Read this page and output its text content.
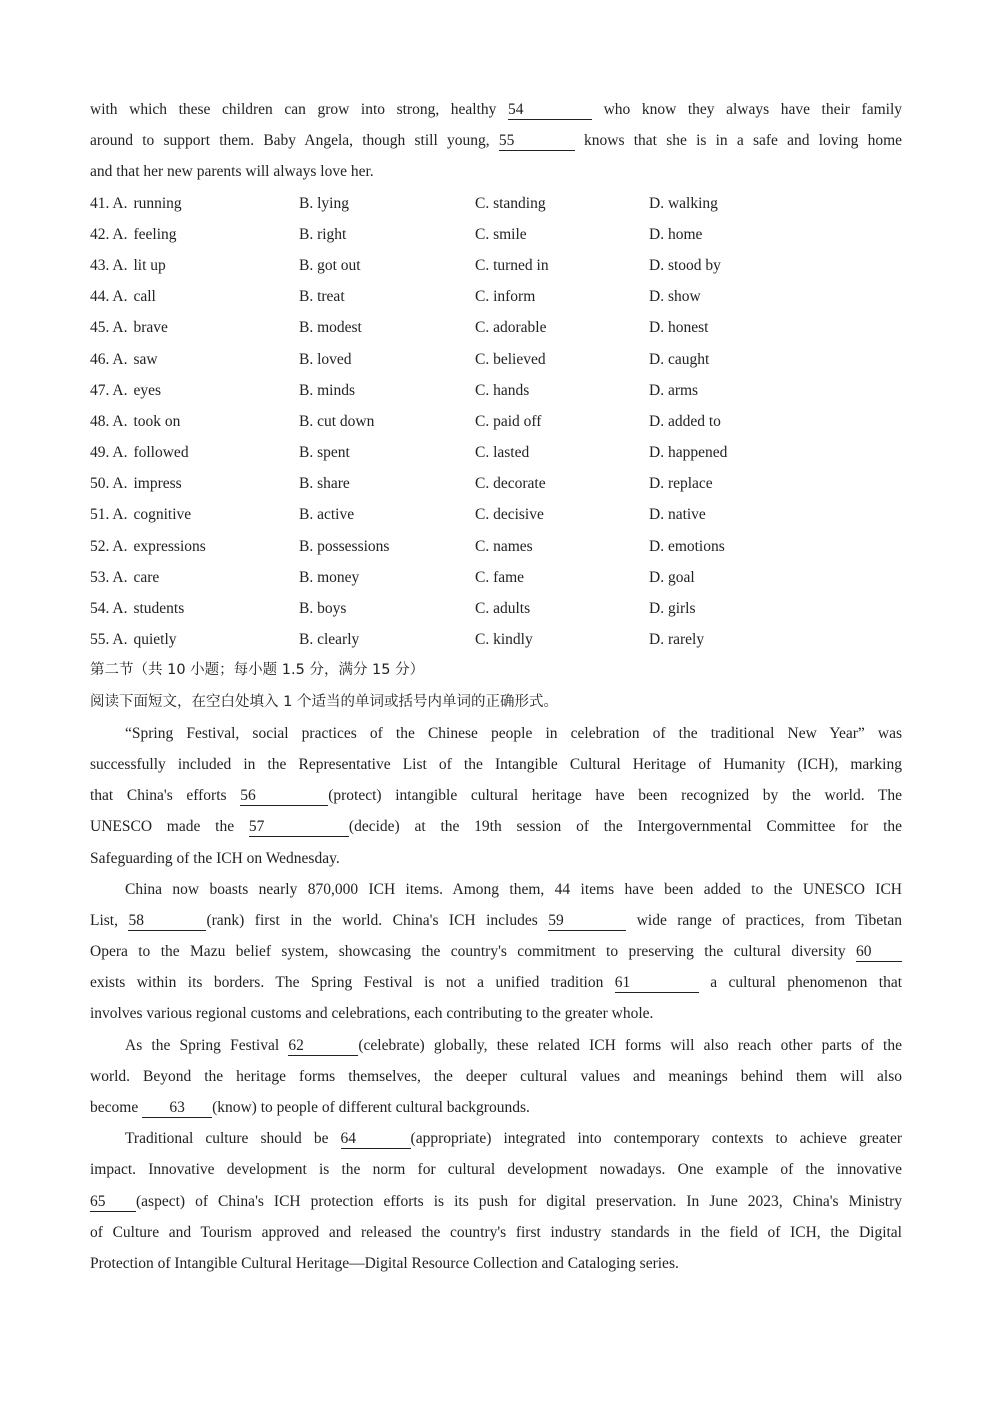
with which these children can grow into strong, healthy 54	who know they always have their family
around to support them. Baby Angela, though still young, 55	knows that she is in a safe and loving home
and that her new parents will always love her.
41. A. running	B. lying	C. standing	D. walking
42. A. feeling	B. right	C. smile	D. home
43. A. lit up	B. got out	C. turned in	D. stood by
44. A. call	B. treat	C. inform	D. show
45. A. brave	B. modest	C. adorable	D. honest
46. A. saw	B. loved	C. believed	D. caught
47. A. eyes	B. minds	C. hands	D. arms
48. A. took on	B. cut down	C. paid off	D. added to
49. A. followed	B. spent	C. lasted	D. happened
50. A. impress	B. share	C. decorate	D. replace
51. A. cognitive	B. active	C. decisive	D. native
52. A. expressions	B. possessions	C. names	D. emotions
53. A. care	B. money	C. fame	D. goal
54. A. students	B. boys	C. adults	D. girls
55. A. quietly	B. clearly	C. kindly	D. rarely
第二节（共 10 小题；每小题 1.5 分，满分 15 分）
阅读下面短文，在空白处填入 1 个适当的单词或括号内单词的正确形式。
“Spring Festival, social practices of the Chinese people in celebration of the traditional New Year” was
successfully included in the Representative List of the Intangible Cultural Heritage of Humanity (ICH), marking
that China's efforts 56	(protect) intangible cultural heritage have been recognized by the world. The
UNESCO made the 57	(decide) at the 19th session of the Intergovernmental Committee for the
Safeguarding of the ICH on Wednesday.
China now boasts nearly 870,000 ICH items. Among them, 44 items have been added to the UNESCO ICH
List, 58	(rank) first in the world. China's ICH includes 59	wide range of practices, from Tibetan
Opera to the Mazu belief system, showcasing the country's commitment to preserving the cultural diversity 60
exists within its borders. The Spring Festival is not a unified tradition 61	a cultural phenomenon that
involves various regional customs and celebrations, each contributing to the greater whole.
As the Spring Festival 62	(celebrate) globally, these related ICH forms will also reach other parts of the
world. Beyond the heritage forms themselves, the deeper cultural values and meanings behind them will also
become 63 (know) to people of different cultural backgrounds.
Traditional culture should be 64	(appropriate) integrated into contemporary contexts to achieve greater
impact. Innovative development is the norm for cultural development nowadays. One example of the innovative
65 (aspect) of China's ICH protection efforts is its push for digital preservation. In June 2023, China's Ministry
of Culture and Tourism approved and released the country's first industry standards in the field of ICH, the Digital
Protection of Intangible Cultural Heritage—Digital Resource Collection and Cataloging series.
